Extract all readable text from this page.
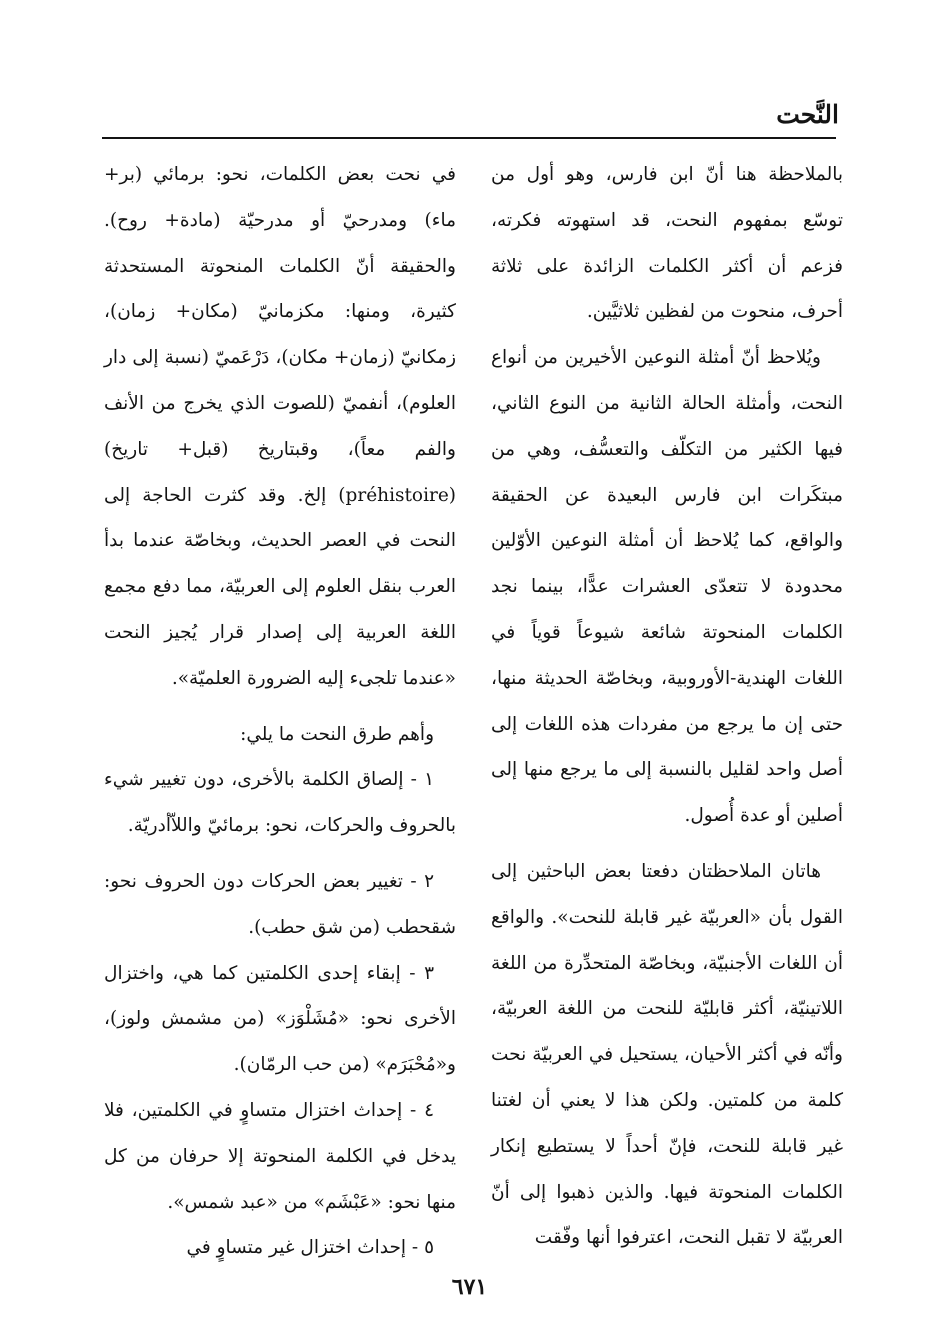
النَّحت

بالملاحظة هنا أنّ ابن فارس، وهو أول من توسّع بمفهوم النحت، قد استهوته فكرته، فزعم أن أكثر الكلمات الزائدة على ثلاثة أحرف، منحوت من لفظين ثلاثيَّين.

ويُلاحظ أنّ أمثلة النوعين الأخيرين من أنواع النحت، وأمثلة الحالة الثانية من النوع الثاني، فيها الكثير من التكلّف والتعسُّف، وهي من مبتكَرات ابن فارس البعيدة عن الحقيقة والواقع، كما يُلاحظ أن أمثلة النوعين الأوّلين محدودة لا تتعدّى العشرات عدًّا، بينما نجد الكلمات المنحوتة شائعة شيوعاً قوياً في اللغات الهندية-الأوروبية، وبخاصّة الحديثة منها، حتى إن ما يرجع من مفردات هذه اللغات إلى أصل واحد لقليل بالنسبة إلى ما يرجع منها إلى أصلين أو عدة أُصول.

هاتان الملاحظتان دفعتا بعض الباحثين إلى القول بأن «العربيّة غير قابلة للنحت». والواقع أن اللغات الأجنبيّة، وبخاصّة المتحدِّرة من اللغة اللاتينيّة، أكثر قابليّة للنحت من اللغة العربيّة، وأنّه في أكثر الأحيان، يستحيل في العربيّة نحت كلمة من كلمتين. ولكن هذا لا يعني أن لغتنا غير قابلة للنحت، فإنّ أحداً لا يستطيع إنكار الكلمات المنحوتة فيها. والذين ذهبوا إلى أنّ العربيّة لا تقبل النحت، اعترفوا أنها وفّقت

في نحت بعض الكلمات، نحو: برمائي (بر+ ماء) ومدرحيّ أو مدرحيّة (مادة+ روح). والحقيقة أنّ الكلمات المنحوتة المستحدثة كثيرة، ومنها: مكزمانيّ (مكان+ زمان)، زمكانيّ (زمان+ مكان)، دَرْعَميّ (نسبة إلى دار العلوم)، أنفميّ (للصوت الذي يخرج من الأنف والفم معاً)، وقبتاريخ (قبل+ تاريخ) (préhistoire) إلخ. وقد كثرت الحاجة إلى النحت في العصر الحديث، وبخاصّة عندما بدأ العرب بنقل العلوم إلى العربيّة، مما دفع مجمع اللغة العربية إلى إصدار قرار يُجيز النحت «عندما تلجىء إليه الضرورة العلميّة».

وأهم طرق النحت ما يلي:

١ - إلصاق الكلمة بالأخرى، دون تغيير شيء بالحروف والحركات، نحو: برمائيّ واللاّأدريّة.

٢ - تغيير بعض الحركات دون الحروف نحو: شقحطب (من شق حطب).

٣ - إبقاء إحدى الكلمتين كما هي، واختزال الأخرى نحو: «مُشَلْوَز» (من مشمش ولوز)، و«مُحْبَرَم» (من حب الرمّان).

٤ - إحداث اختزال متساوٍ في الكلمتين، فلا يدخل في الكلمة المنحوتة إلا حرفان من كل منها نحو: «عَبْشَم» من «عبد شمس».

٥ - إحداث اختزال غير متساوٍ في

٦٧١
